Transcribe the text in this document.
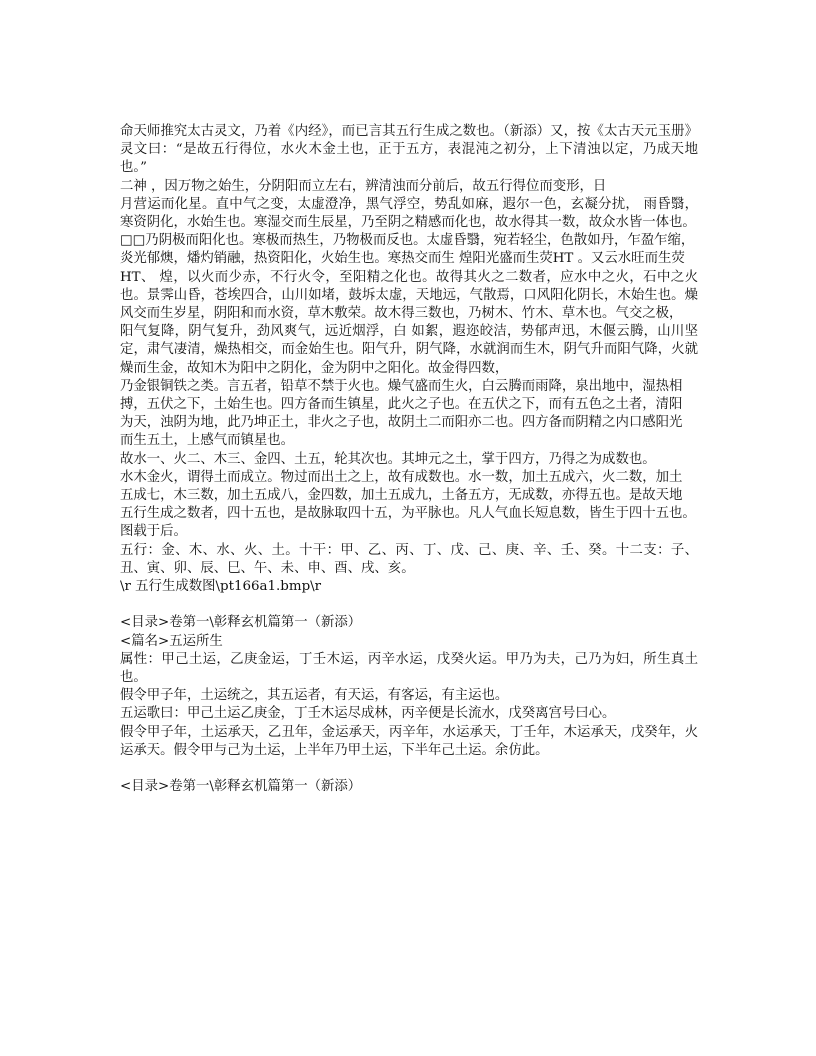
命天师推究太古灵文，乃着《内经》，而已言其五行生成之数也。（新添）又，按《太古天元玉册》灵文曰：“是故五行得位，水火木金土也，正于五方，表混沌之初分，上下清浊以定，乃成天地也。”

二神 ，因万物之始生，分阴阳而立左右，辨清浊而分前后，故五行得位而变形，日

月营运而化星。直中气之变，太虚澄净，黑气浮空，势乱如麻，遐尔一色，玄凝分扰， 雨昏翳，寒资阴化，水始生也。寒湿交而生辰星，乃至阴之精感而化也，故水得其一数，故众水皆一体也。

□□乃阴极而阳化也。寒极而热生，乃物极而反也。太虚昏翳，宛若轻尘，色散如丹，乍盈乍缩，

炎光郁燠，燔灼销融，热资阳化，火始生也。寒热交而生 煌阳光盛而生荧HT 。又云水旺而生荧

HT、 煌，以火而少赤，不行火令，至阳精之化也。故得其火之二数者，应水中之火，石中之火也。景霁山昏，苍埃四合，山川如堵，鼓坼太虚，天地远，气散焉，口风阳化阴长，木始生也。燥风交而生岁星，阴阳和而水资，草木敷荣。故木得三数也，乃树木、竹木、草木也。气交之极，

阳气复降，阴气复升，劲风爽气，远近烟浮，白 如絮，遐迩皎洁，势郁声迅，木偃云腾，山川坚定，肃气凄清，燥热相交，而金始生也。阳气升，阴气降，水就润而生木，阴气升而阳气降，火就燥而生金，故知木为阳中之阴化，金为阴中之阳化。故金得四数，

乃金银铜铁之类。言五者，铅草不禁于火也。燥气盛而生火，白云腾而雨降，泉出地中，湿热相

搏，五伏之下，土始生也。四方备而生镇星，此火之子也。在五伏之下，而有五色之土者，清阳

为天，浊阴为地，此乃坤正土，非火之子也，故阴土二而阳亦二也。四方备而阴精之内口感阳光

而生五土，上感气而镇星也。

故水一、火二、木三、金四、土五，轮其次也。其坤元之土，掌于四方，乃得之为成数也。

水木金火，谓得土而成立。物过而出土之上，故有成数也。水一数，加土五成六，火二数，加土

五成七，木三数，加土五成八，金四数，加土五成九，土备五方，无成数，亦得五也。是故天地

五行生成之数者，四十五也，是故脉取四十五，为平脉也。凡人气血长短息数，皆生于四十五也。

图载于后。

五行：金、木、水、火、土。十干：甲、乙、丙、丁、戊、己、庚、辛、壬、癸。十二支：子、丑、寅、卯、辰、巳、午、未、申、酉、戌、亥。

\r 五行生成数图\pt166a1.bmp\r

<目录>卷第一\彰释玄机篇第一（新添）

<篇名>五运所生

属性：甲己土运，乙庚金运，丁壬木运，丙辛水运，戊癸火运。甲乃为夫，己乃为妇，所生真土也。

假令甲子年，土运统之，其五运者，有天运，有客运，有主运也。

五运歌曰：甲己土运乙庚金，丁壬木运尽成林，丙辛便是长流水，戊癸离宫号曰心。

假令甲子年，土运承天，乙丑年，金运承天，丙辛年，水运承天，丁壬年，木运承天，戊癸年，火运承天。假令甲与己为土运，上半年乃甲土运，下半年己土运。余仿此。

<目录>卷第一\彰释玄机篇第一（新添）
